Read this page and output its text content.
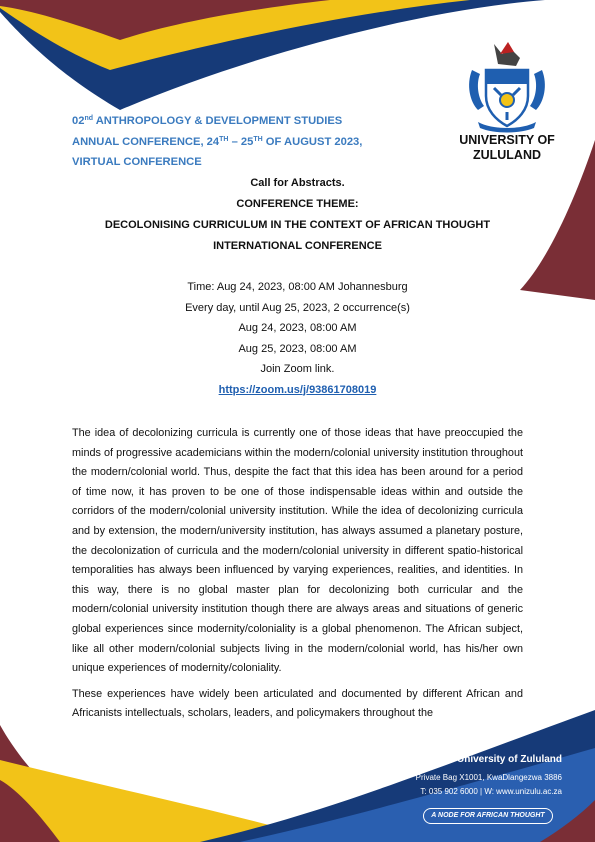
UNIVERSITY OF
ZULULAND
02nd ANTHROPOLOGY & DEVELOPMENT STUDIES
ANNUAL CONFERENCE, 24TH – 25TH OF AUGUST 2023,
VIRTUAL CONFERENCE
Call for Abstracts.
CONFERENCE THEME:
DECOLONISING CURRICULUM IN THE CONTEXT OF AFRICAN THOUGHT
INTERNATIONAL CONFERENCE
Time: Aug 24, 2023, 08:00 AM Johannesburg
Every day, until Aug 25, 2023, 2 occurrence(s)
Aug 24, 2023, 08:00 AM
Aug 25, 2023, 08:00 AM
Join Zoom link.
https://zoom.us/j/93861708019

The idea of decolonizing curricula is currently one of those ideas that have preoccupied the minds of progressive academicians within the modern/colonial university institution throughout the modern/colonial world. Thus, despite the fact that this idea has been around for a period of time now, it has proven to be one of those indispensable ideas within and outside the corridors of the modern/colonial university institution. While the idea of decolonizing curricula and by extension, the modern/university institution, has always assumed a planetary posture, the decolonization of curricula and the modern/colonial university in different spatio-historical temporalities has always been influenced by varying experiences, realities, and identities. In this way, there is no global master plan for decolonizing both curricular and the modern/colonial university institution though there are always areas and situations of generic global experiences since modernity/coloniality is a global phenomenon. The African subject, like all other modern/colonial subjects living in the modern/colonial world, has his/her own unique experiences of modernity/coloniality.

These experiences have widely been articulated and documented by different African and Africanists intellectuals, scholars, leaders, and policymakers throughout the

University of Zululand
Private Bag X1001, KwaDlangezwa 3886
T: 035 902 6000 | W: www.unizulu.ac.za
A NODE FOR AFRICAN THOUGHT
